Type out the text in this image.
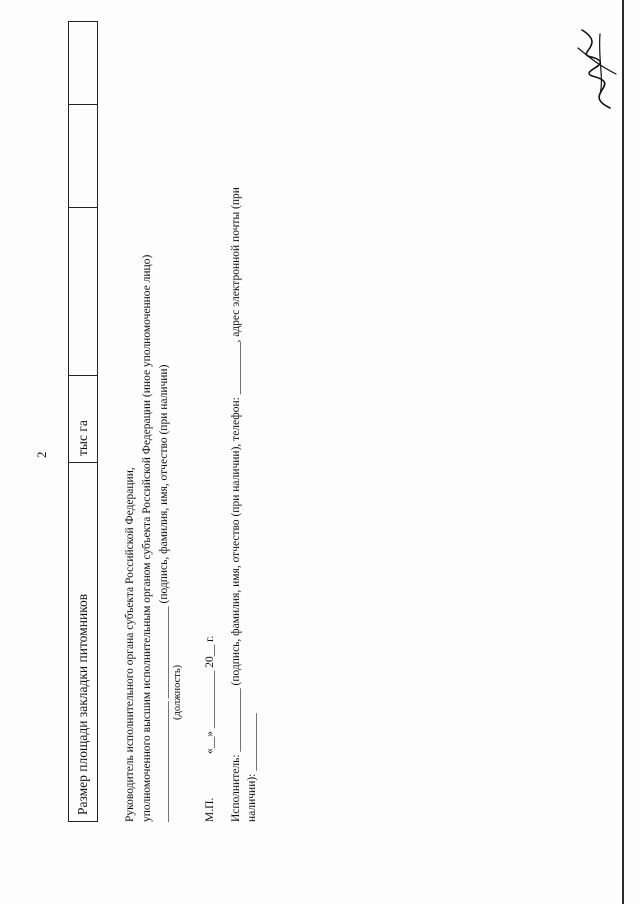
2
Размер площади закладки питомников	тыс га			
Руководитель исполнительного органа субъекта Российской Федерации, уполномоченного высшим исполнительным органом субъекта Российской Федерации (иное уполномоченное лицо) _____________________ ________________ (подпись, фамилия, имя, отчество (при наличии)
(должность)
М.П.
«__» __________ 20__ г. Исполнитель: ___________ (подпись, фамилия, имя, отчество (при наличии), телефон: _________, адрес электронной почты (при наличии): __________
